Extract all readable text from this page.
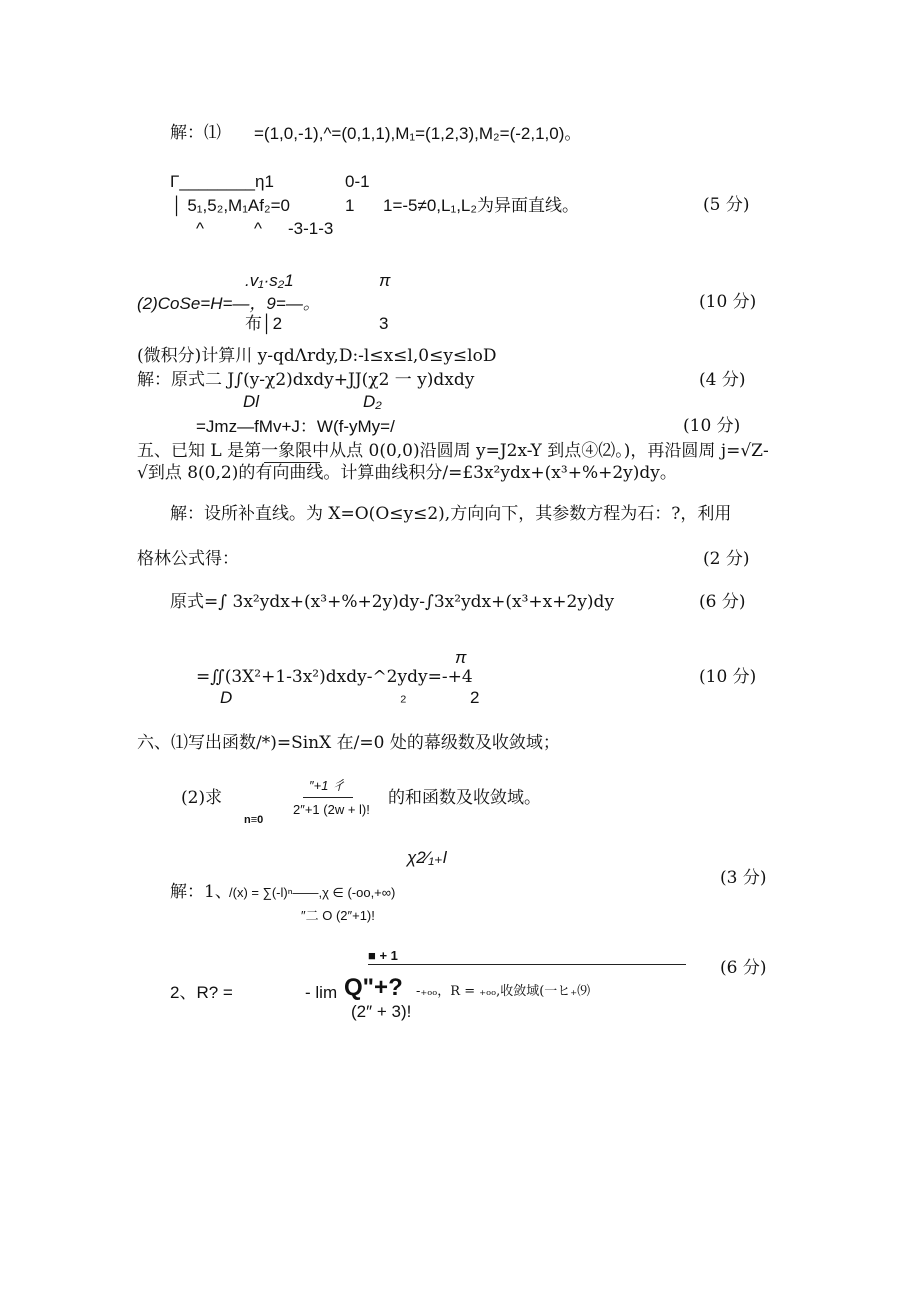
解：⑴ =(1,0,-1),^=(0,1,1),M₁=(1,2,3),M₂=(-2,1,0)。
Γ________η1	0-1
│ 5₁,5₂,M₁Af₂=0	1 1=-5≠0,L₁,L₂为异面直线。	(5 分)
^	^ -3-1-3
.v₁·s₂1	π
(2)CoSe=H=—，9=—。	(10 分)
布│2	3
(微积分)计算川 y-qdΛrdy,D:-l≤x≤l,0≤y≤loD
解：原式二 J∫(y-χ2)dxdy+JJ(χ2 一 y)dxdy	(4 分)
Dl	D₂
=Jmz—fMv+J：W(f-yMy=/	(10 分)
五、已知 L 是第一象限中从点 0(0,0)沿圆周 y=J2x-Y 到点④⑵。)，再沿圆周 j=√Z-
√到点 8(0,2)的有向曲线。计算曲线积分/=£3x²ydx+(x³+%+2y)dy。
解：设所补直线。为 X=O(O≤y≤2),方向向下，其参数方程为石：?，利用
格林公式得：	(2 分)
原式=∫ 3x²ydx+(x³+%+2y)dy-∫3x²ydx+(x³+x+2y)dy	(6 分)
π
=∬(3X²+1-3x²)dxdy-^2ydy=-+4	(10 分)
D	₂	2
六、⑴写出函数/*)=SinX 在/=0 处的幕级数及收敛域；
″+1 彳
(2)求
2″+1 (2w + l)!
的和函数及收敛域。
n≡0
χ2⁄₁₊l
(3 分)
解：1、
/(x) = ∑(-l)ⁿ——,χ ∈ (-oo,+∞)
″二 O (2″+1)!
■ + 1
(6 分)
2、R? =	- lim Q"+? -₊ₒₒ，R = ₊ₒₒ,收敛域(一ヒ₊⑼
(2″ + 3)!
